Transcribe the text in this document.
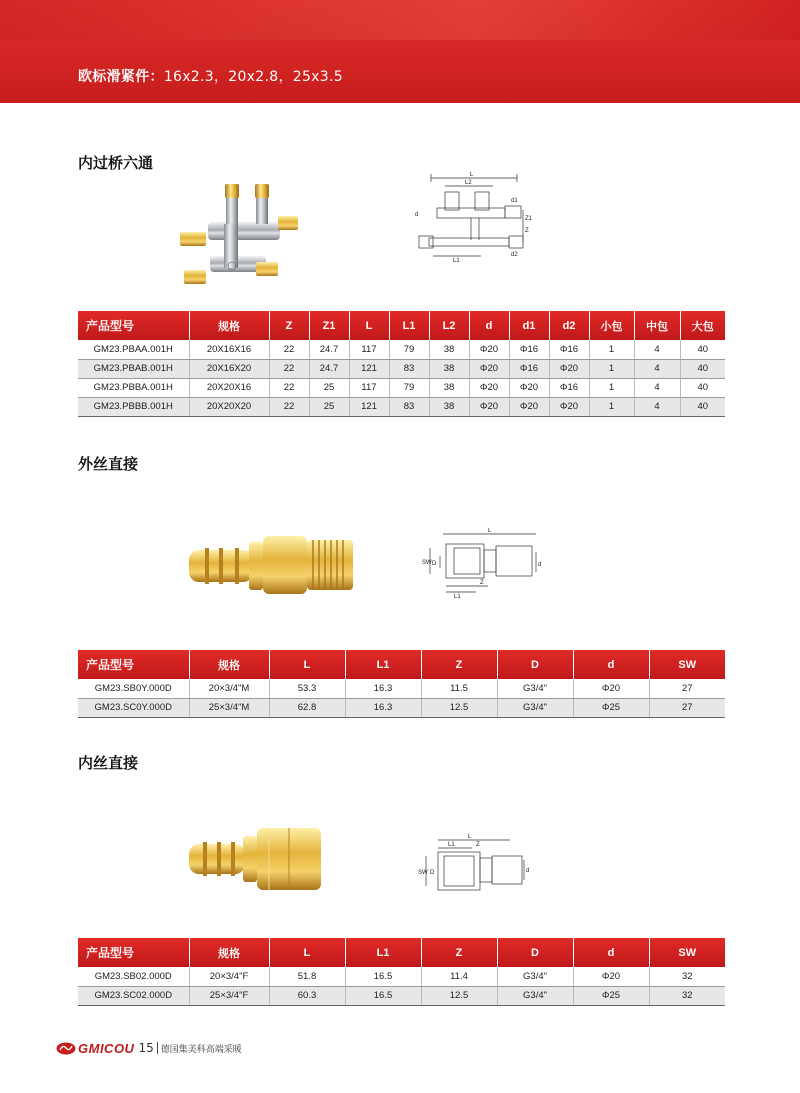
欧标滑紧件：16x2.3，20x2.8，25x3.5
内过桥六通
L
L2
L1
Z1
Z
d
d1
d2
产品型号	规格	Z	Z1	L	L1	L2	d	d1	d2	小包	中包	大包
GM23.PBAA.001H	20X16X16	22	24.7	117	79	38	Φ20	Φ16	Φ16	1	4	40
GM23.PBAB.001H	20X16X20	22	24.7	121	83	38	Φ20	Φ16	Φ20	1	4	40
GM23.PBBA.001H	20X20X16	22	25	117	79	38	Φ20	Φ20	Φ16	1	4	40
GM23.PBBB.001H	20X20X20	22	25	121	83	38	Φ20	Φ20	Φ20	1	4	40
外丝直接
L
SW D	d
L1
Z
产品型号	规格	L	L1	Z	D	d	SW
GM23.SB0Y.000D	20×3/4"M	53.3	16.3	11.5	G3/4"	Φ20	27
GM23.SC0Y.000D	25×3/4"M	62.8	16.3	12.5	G3/4"	Φ25	27
内丝直接
L
L1	Z
SW D	d
产品型号	规格	L	L1	Z	D	d	SW
GM23.SB02.000D	20×3/4"F	51.8	16.5	11.4	G3/4"	Φ20	32
GM23.SC02.000D	25×3/4"F	60.3	16.5	12.5	G3/4"	Φ25	32
GMICOU 15 德国集美科高端采暖
